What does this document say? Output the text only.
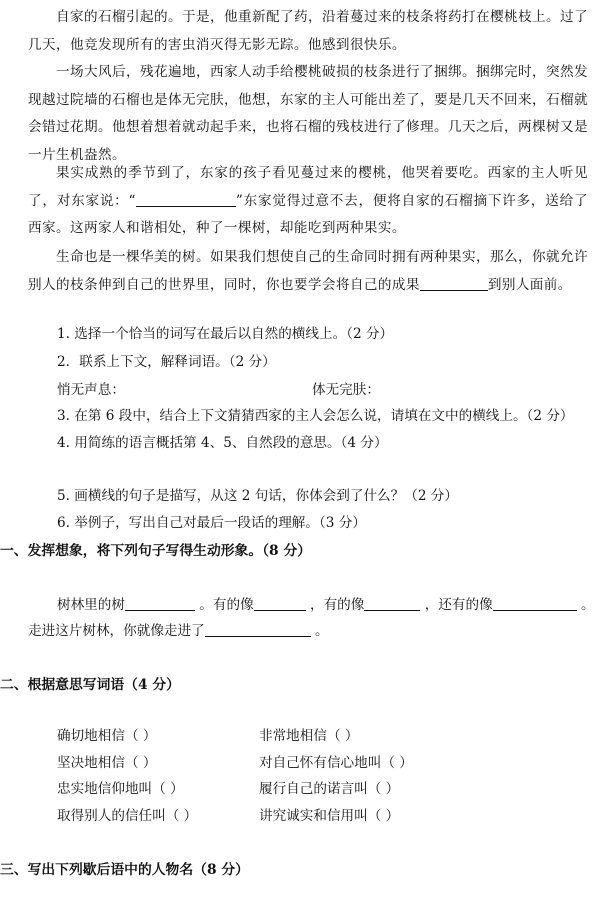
自家的石榴引起的。于是，他重新配了药，沿着蔓过来的枝条将药打在樱桃枝上。过了几天，他竞发现所有的害虫消灭得无影无踪。他感到很快乐。
一场大风后，残花遍地，西家人动手给樱桃破损的枝条进行了捆绑。捆绑完时，突然发现越过院墙的石榴也是体无完肤，他想，东家的主人可能出差了，要是几天不回来，石榴就会错过花期。他想着想着就动起手来，也将石榴的残枝进行了修理。几天之后，两棵树又是一片生机盎然。
果实成熟的季节到了，东家的孩子看见蔓过来的樱桃，他哭着要吃。西家的主人听见了，对东家说：“	”东家觉得过意不去，便将自家的石榴摘下许多，送给了西家。这两家人和谐相处，种了一棵树，却能吃到两种果实。
生命也是一棵华美的树。如果我们想使自己的生命同时拥有两种果实，那么，你就允许别人的枝条伸到自己的世界里，同时，你也要学会将自己的成果	到别人面前。
1. 选择一个恰当的词写在最后以自然的横线上。（2 分）
2．联系上下文，解释词语。（2 分）
悄无声息：	体无完肤：
3. 在第 6 段中，结合上下文猜猜西家的主人会怎么说，请填在文中的横线上。（2 分）
4. 用简练的语言概括第 4、5、自然段的意思。（4 分）
5. 画横线的句子是描写，从这 2 句话，你体会到了什么？（2 分）
6. 举例子，写出自己对最后一段话的理解。（3 分）
一、发挥想象，将下列句子写得生动形象。（8 分）
树林里的树	。有的像	，有的像	，还有的像	。
走进这片树林，你就像走进了	。
二、根据意思写词语（4 分）
确切地相信（ ）	非常地相信（ ）
坚决地相信（ ）	对自己怀有信心地叫（ ）
忠实地信仰地叫（ ）	履行自己的诺言叫（ ）
取得别人的信任叫（ ）	讲究诚实和信用叫（ ）
三、写出下列歇后语中的人物名（8 分）
